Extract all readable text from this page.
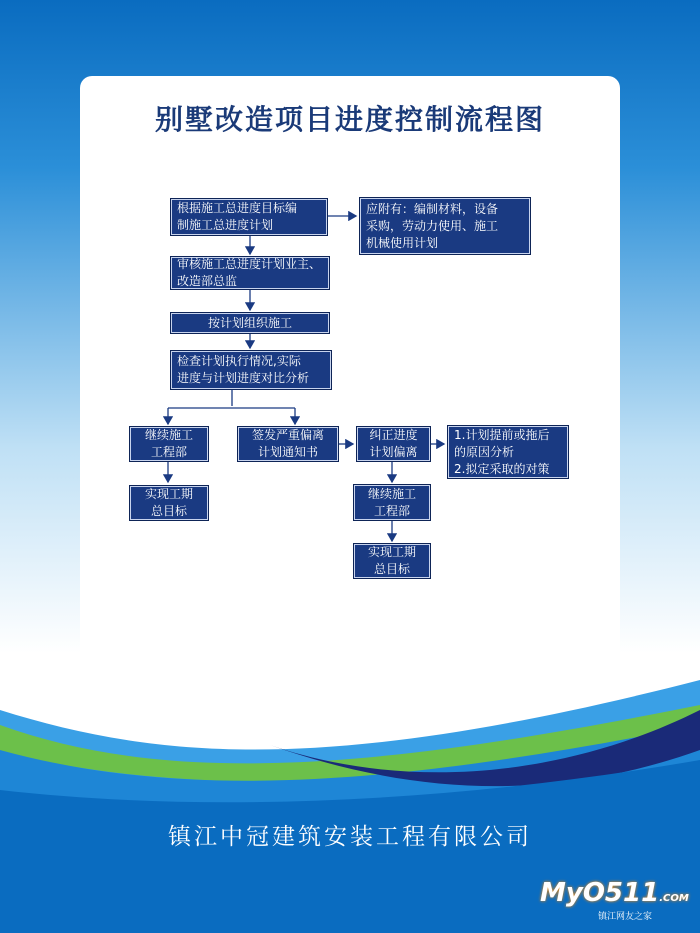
别墅改造项目进度控制流程图
根据施工总进度目标编
制施工总进度计划
应附有：编制材料，设备
采购，劳动力使用、施工
机械使用计划
审核施工总进度计划业主、
改造部总监
按计划组织施工
检查计划执行情况,实际
进度与计划进度对比分析
继续施工
工程部
签发严重偏离
计划通知书
纠正进度
计划偏离
1.计划提前或拖后
的原因分析
2.拟定采取的对策
实现工期
总目标
继续施工
工程部
实现工期
总目标
镇江中冠建筑安装工程有限公司
MyO511.COM
镇江网友之家
